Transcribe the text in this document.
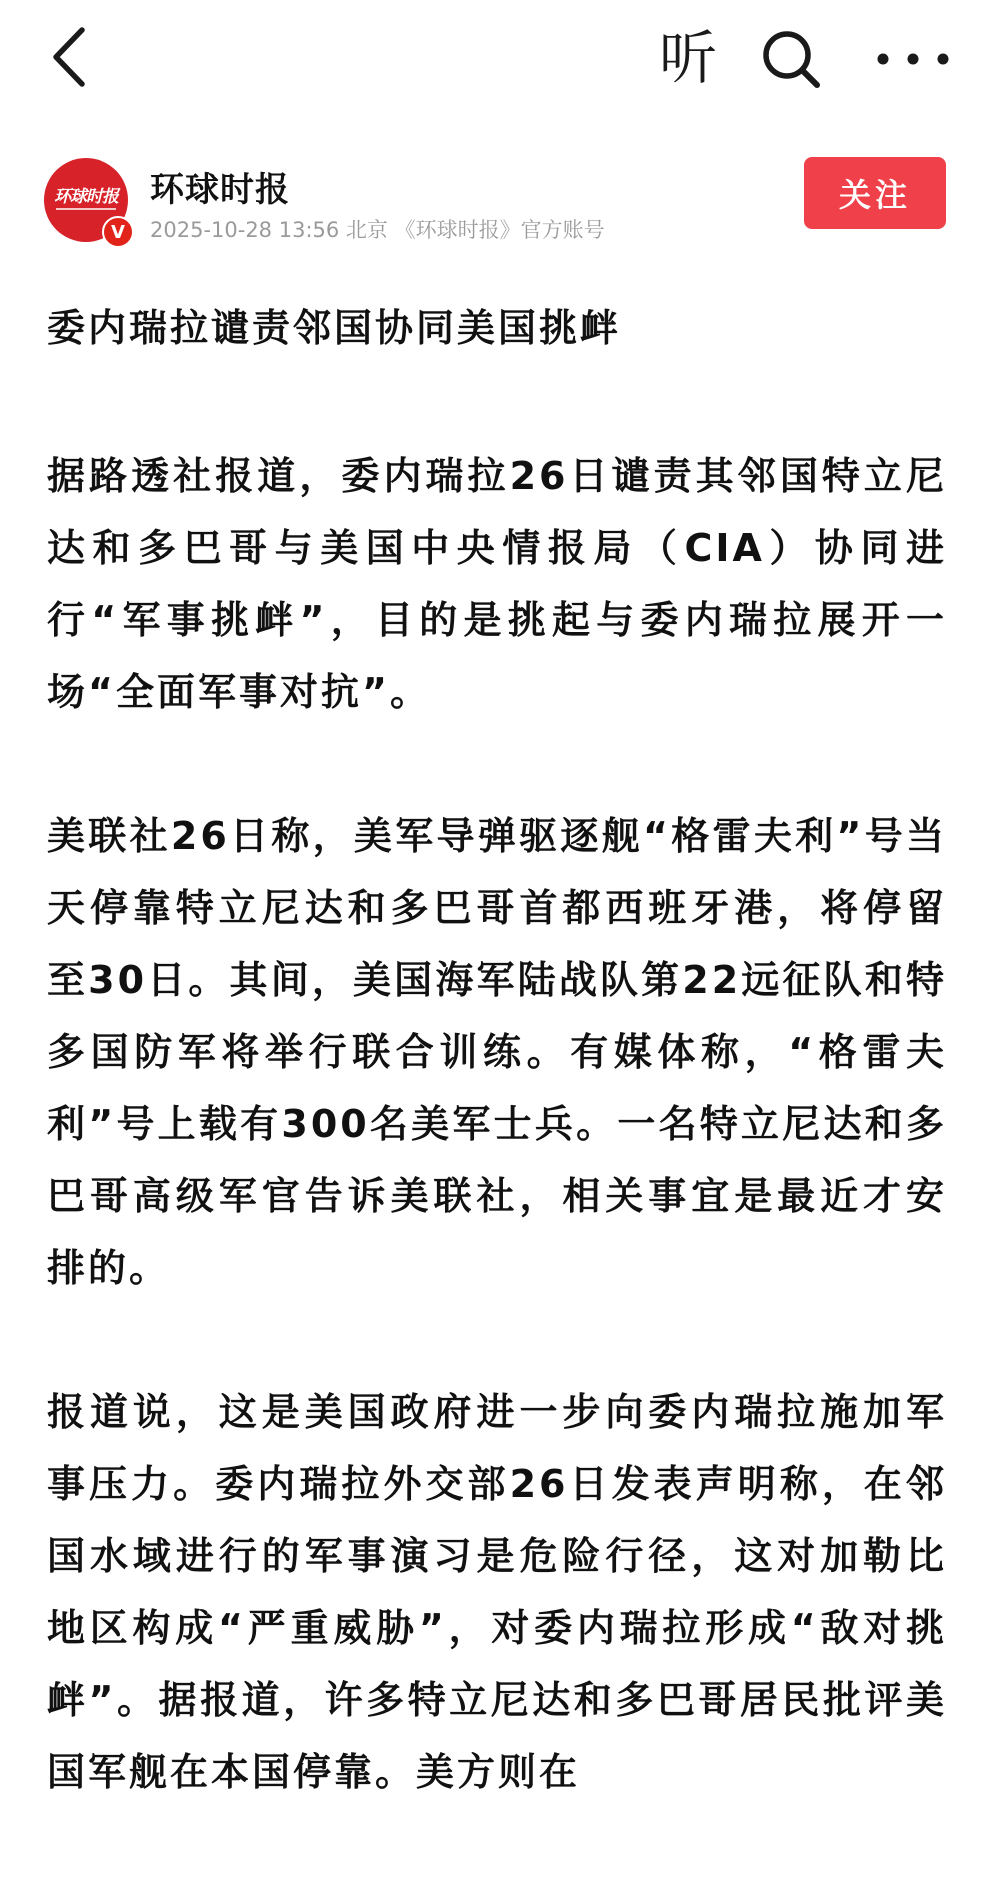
听
环球时报
V
环球时报
2025-10-28 13:56 北京 《环球时报》官方账号
关注
委内瑞拉谴责邻国协同美国挑衅

据路透社报道，委内瑞拉26日谴责其邻国特立尼达和多巴哥与美国中央情报局（CIA）协同进行“军事挑衅”，目的是挑起与委内瑞拉展开一场“全面军事对抗”。

美联社26日称，美军导弹驱逐舰“格雷夫利”号当天停靠特立尼达和多巴哥首都西班牙港，将停留至30日。其间，美国海军陆战队第22远征队和特多国防军将举行联合训练。有媒体称，“格雷夫利”号上载有300名美军士兵。一名特立尼达和多巴哥高级军官告诉美联社，相关事宜是最近才安排的。

报道说，这是美国政府进一步向委内瑞拉施加军事压力。委内瑞拉外交部26日发表声明称，在邻国水域进行的军事演习是危险行径，这对加勒比地区构成“严重威胁”，对委内瑞拉形成“敌对挑衅”。据报道，许多特立尼达和多巴哥居民批评美国军舰在本国停靠。美方则在
